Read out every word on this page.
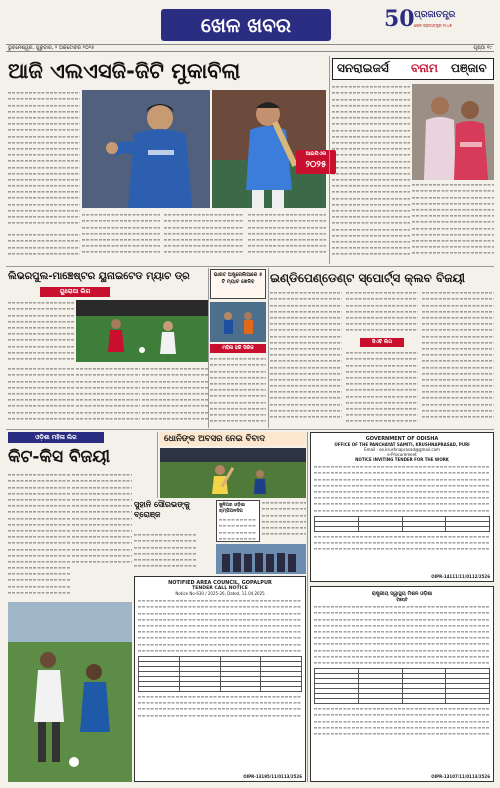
ଖେଳ ଖବର	50 ପ୍ରଜାତନ୍ତ୍ର
ଖେଳ ପ୍ରଜାତନ୍ତ୍ର ୧୯୪୭
ଭୁବନେଶ୍ୱର, ଗୁରୁବାର, ୨ ଅକ୍ଟୋବର ୨୦୨୫	ପୃଷ୍ଠା ୧୯
ଆଜି ଏଲଏସଜି-ଜିଟି ମୁକାବିଲା	ସନରାଇଜର୍ସ ବନାମ ପଞ୍ଜାବ
ଆଇପିଏଲ
୨୦୨୫
ଲିଭରପୁଲ-ମାଞ୍ଚେଷ୍ଟର ୟୁନାଇଟେଡ ମ୍ୟାଚ ଡ୍ର
ୟୁରୋପା ଲିଗ
ଭାରତ ଅଷ୍ଟ୍ରେଲିଆରେ ୫ ଟି ମ୍ୟାଚ ଖେଳିବ	ଇଣ୍ଡିପେଣ୍ଡେଣ୍ଟ ସ୍ପୋର୍ଟ୍ସ କ୍ଲବ ବିଜୟୀ
ମହିଳା ହକି ସିରିଜ
ସିଏବି ଲିଗ
ଓଡ଼ିଶା ମହିଳା ଲିଗ
କିଟ-କିସ ବିଜୟୀ
ଧୋନିଙ୍କ ଅବସର ନେଇ ବିବାଦ
ସୁହାନି ସୌରଭଙ୍କୁ ବ୍ରୋଞ୍ଜ
ଜୁନିଅର ଓଡ଼ିଶା ଚାମ୍ପିଅନସିପ
NOTIFIED AREA COUNCIL, GOPALPUR
TENDER CALL NOTICE
Notice No-630 / 2025-26, Dated, 11.04.2025

OIPR-13195/11/0113/2526
GOVERNMENT OF ODISHA
OFFICE OF THE PANCHAYAT SAMITI, KRUSHNAPRASAD, PURI
Email : eo.krushnaprasad@gmail.com
e-Procurement
NOTICE INVITING TENDER FOR THE WORK

OIPR-14111/11/0112/2526
ରାଷ୍ଟ୍ରୀୟ ସ୍ୱାସ୍ଥ୍ୟ ମିଶନ ଓଡ଼ିଶା
ବିଜ୍ଞପ୍ତି

OIPR-13107/11/0113/2526
